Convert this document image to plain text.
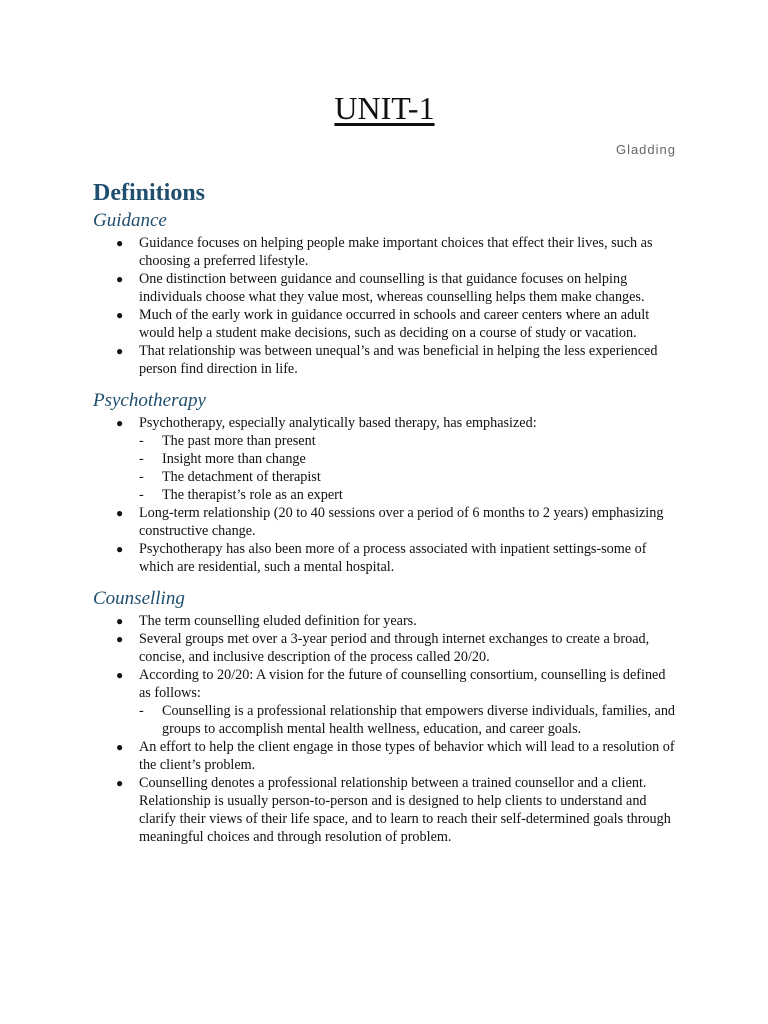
UNIT-1
Gladding
Definitions
Guidance
● Guidance focuses on helping people make important choices that effect their lives, such as choosing a preferred lifestyle.
● One distinction between guidance and counselling is that guidance focuses on helping individuals choose what they value most, whereas counselling helps them make changes.
● Much of the early work in guidance occurred in schools and career centers where an adult would help a student make decisions, such as deciding on a course of study or vacation.
● That relationship was between unequal’s and was beneficial in helping the less experienced person find direction in life.
Psychotherapy
● Psychotherapy, especially analytically based therapy, has emphasized:
- The past more than present
- Insight more than change
- The detachment of therapist
- The therapist’s role as an expert
● Long-term relationship (20 to 40 sessions over a period of 6 months to 2 years) emphasizing constructive change.
● Psychotherapy has also been more of a process associated with inpatient settings-some of which are residential, such a mental hospital.
Counselling
● The term counselling eluded definition for years.
● Several groups met over a 3-year period and through internet exchanges to create a broad, concise, and inclusive description of the process called 20/20.
● According to 20/20: A vision for the future of counselling consortium, counselling is defined as follows:
- Counselling is a professional relationship that empowers diverse individuals, families, and groups to accomplish mental health wellness, education, and career goals.
● An effort to help the client engage in those types of behavior which will lead to a resolution of the client’s problem.
● Counselling denotes a professional relationship between a trained counsellor and a client. Relationship is usually person-to-person and is designed to help clients to understand and clarify their views of their life space, and to learn to reach their self-determined goals through meaningful choices and through resolution of problem.
